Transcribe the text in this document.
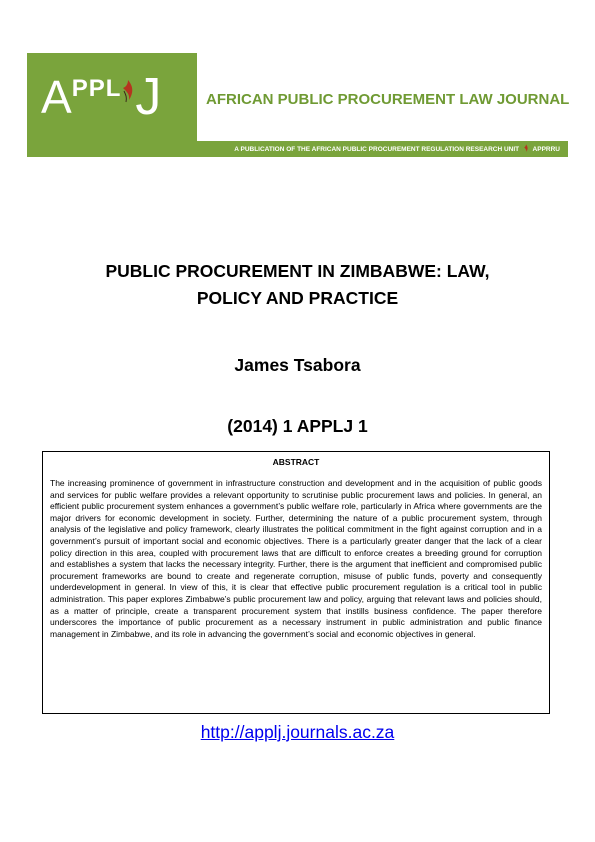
APPL J	AFRICAN PUBLIC PROCUREMENT LAW JOURNAL
A PUBLICATION OF THE AFRICAN PUBLIC PROCUREMENT REGULATION RESEARCH UNIT APPRRU
PUBLIC PROCUREMENT IN ZIMBABWE: LAW,
POLICY AND PRACTICE
James Tsabora
(2014) 1 APPLJ 1
ABSTRACT
The increasing prominence of government in infrastructure construction and development and in the acquisition of public goods and services for public welfare provides a relevant opportunity to scrutinise public procurement laws and policies. In general, an efficient public procurement system enhances a government’s public welfare role, particularly in Africa where governments are the major drivers for economic development in society. Further, determining the nature of a public procurement system, through analysis of the legislative and policy framework, clearly illustrates the political commitment in the fight against corruption and in a government’s pursuit of important social and economic objectives. There is a particularly greater danger that the lack of a clear policy direction in this area, coupled with procurement laws that are difficult to enforce creates a breeding ground for corruption and establishes a system that lacks the necessary integrity. Further, there is the argument that inefficient and compromised public procurement frameworks are bound to create and regenerate corruption, misuse of public funds, poverty and consequently underdevelopment in general. In view of this, it is clear that effective public procurement regulation is a critical tool in public administration. This paper explores Zimbabwe’s public procurement law and policy, arguing that relevant laws and policies should, as a matter of principle, create a transparent procurement system that instills business confidence. The paper therefore underscores the importance of public procurement as a necessary instrument in public administration and public finance management in Zimbabwe, and its role in advancing the government’s social and economic objectives in general.
http://applj.journals.ac.za
